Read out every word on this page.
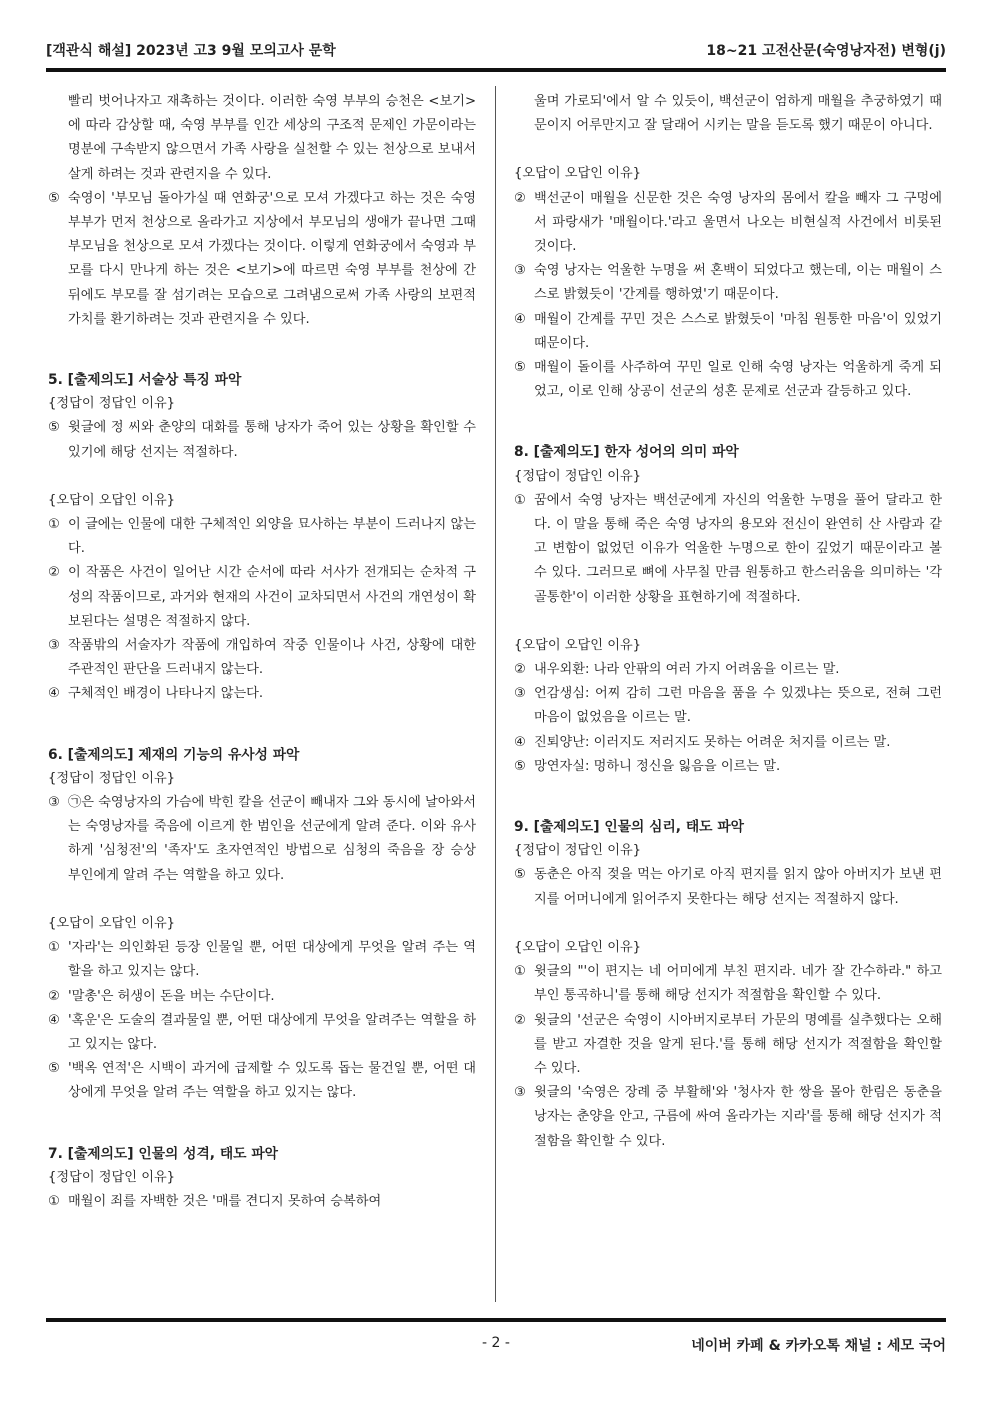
[객관식 해설] 2023년 고3 9월 모의고사 문학	18~21 고전산문(숙영낭자전) 변형(j)
빨리 벗어나자고 재촉하는 것이다. 이러한 숙영 부부의 승천은 <보기>에 따라 감상할 때, 숙영 부부를 인간 세상의 구조적 문제인 가문이라는 명분에 구속받지 않으면서 가족 사랑을 실천할 수 있는 천상으로 보내서 살게 하려는 것과 관련지을 수 있다.
⑤ 숙영이 '부모님 돌아가실 때 연화궁'으로 모셔 가겠다고 하는 것은 숙영 부부가 먼저 천상으로 올라가고 지상에서 부모님의 생애가 끝나면 그때 부모님을 천상으로 모셔 가겠다는 것이다. 이렇게 연화궁에서 숙영과 부모를 다시 만나게 하는 것은 <보기>에 따르면 숙영 부부를 천상에 간 뒤에도 부모를 잘 섬기려는 모습으로 그려냄으로써 가족 사랑의 보편적 가치를 환기하려는 것과 관련지을 수 있다.
5. [출제의도] 서술상 특징 파악
{정답이 정답인 이유}
⑤ 윗글에 정 씨와 춘양의 대화를 통해 낭자가 죽어 있는 상황을 확인할 수 있기에 해당 선지는 적절하다.
{오답이 오답인 이유}
① 이 글에는 인물에 대한 구체적인 외양을 묘사하는 부분이 드러나지 않는다.
② 이 작품은 사건이 일어난 시간 순서에 따라 서사가 전개되는 순차적 구성의 작품이므로, 과거와 현재의 사건이 교차되면서 사건의 개연성이 확보된다는 설명은 적절하지 않다.
③ 작품밖의 서술자가 작품에 개입하여 작중 인물이나 사건, 상황에 대한 주관적인 판단을 드러내지 않는다.
④ 구체적인 배경이 나타나지 않는다.
6. [출제의도] 제재의 기능의 유사성 파악
{정답이 정답인 이유}
③ ㉠은 숙영낭자의 가슴에 박힌 칼을 선군이 빼내자 그와 동시에 날아와서는 숙영낭자를 죽음에 이르게 한 범인을 선군에게 알려 준다. 이와 유사하게 '심청전'의 '족자'도 초자연적인 방법으로 심청의 죽음을 장 승상 부인에게 알려 주는 역할을 하고 있다.
{오답이 오답인 이유}
① '자라'는 의인화된 등장 인물일 뿐, 어떤 대상에게 무엇을 알려 주는 역할을 하고 있지는 않다.
② '말총'은 허생이 돈을 버는 수단이다.
④ '혹운'은 도술의 결과물일 뿐, 어떤 대상에게 무엇을 알려주는 역할을 하고 있지는 않다.
⑤ '백옥 연적'은 시백이 과거에 급제할 수 있도록 돕는 물건일 뿐, 어떤 대상에게 무엇을 알려 주는 역할을 하고 있지는 않다.
7. [출제의도] 인물의 성격, 태도 파악
{정답이 정답인 이유}
① 매월이 죄를 자백한 것은 '매를 견디지 못하여 승복하여
울며 가로되'에서 알 수 있듯이, 백선군이 엄하게 매월을 추궁하였기 때문이지 어루만지고 잘 달래어 시키는 말을 듣도록 했기 때문이 아니다.
{오답이 오답인 이유}
② 백선군이 매월을 신문한 것은 숙영 낭자의 몸에서 칼을 빼자 그 구멍에서 파랑새가 '매월이다.'라고 울면서 나오는 비현실적 사건에서 비롯된 것이다.
③ 숙영 낭자는 억울한 누명을 써 혼백이 되었다고 했는데, 이는 매월이 스스로 밝혔듯이 '간계를 행하였'기 때문이다.
④ 매월이 간계를 꾸민 것은 스스로 밝혔듯이 '마침 원통한 마음'이 있었기 때문이다.
⑤ 매월이 돌이를 사주하여 꾸민 일로 인해 숙영 낭자는 억울하게 죽게 되었고, 이로 인해 상공이 선군의 성혼 문제로 선군과 갈등하고 있다.
8. [출제의도] 한자 성어의 의미 파악
{정답이 정답인 이유}
① 꿈에서 숙영 낭자는 백선군에게 자신의 억울한 누명을 풀어 달라고 한다. 이 말을 통해 죽은 숙영 낭자의 용모와 전신이 완연히 산 사람과 같고 변함이 없었던 이유가 억울한 누명으로 한이 깊었기 때문이라고 볼 수 있다. 그러므로 뼈에 사무칠 만큼 원통하고 한스러움을 의미하는 '각골통한'이 이러한 상황을 표현하기에 적절하다.
{오답이 오답인 이유}
② 내우외환: 나라 안팎의 여러 가지 어려움을 이르는 말.
③ 언감생심: 어찌 감히 그런 마음을 품을 수 있겠냐는 뜻으로, 전혀 그런 마음이 없었음을 이르는 말.
④ 진퇴양난: 이러지도 저러지도 못하는 어려운 처지를 이르는 말.
⑤ 망연자실: 멍하니 정신을 잃음을 이르는 말.
9. [출제의도] 인물의 심리, 태도 파악
{정답이 정답인 이유}
⑤ 동춘은 아직 젖을 먹는 아기로 아직 편지를 읽지 않아 아버지가 보낸 편지를 어머니에게 읽어주지 못한다는 해당 선지는 적절하지 않다.
{오답이 오답인 이유}
① 윗글의 "'이 편지는 네 어미에게 부친 편지라. 네가 잘 간수하라." 하고 부인 통곡하니'를 통해 해당 선지가 적절함을 확인할 수 있다.
② 윗글의 '선군은 숙영이 시아버지로부터 가문의 명예를 실추했다는 오해를 받고 자결한 것을 알게 된다.'를 통해 해당 선지가 적절함을 확인할 수 있다.
③ 윗글의 '숙영은 장례 중 부활해'와 '청사자 한 쌍을 몰아 한림은 동춘을 낭자는 춘양을 안고, 구름에 싸여 올라가는 지라'를 통해 해당 선지가 적절함을 확인할 수 있다.
- 2 -	네이버 카페 & 카카오톡 채널 : 세모 국어
